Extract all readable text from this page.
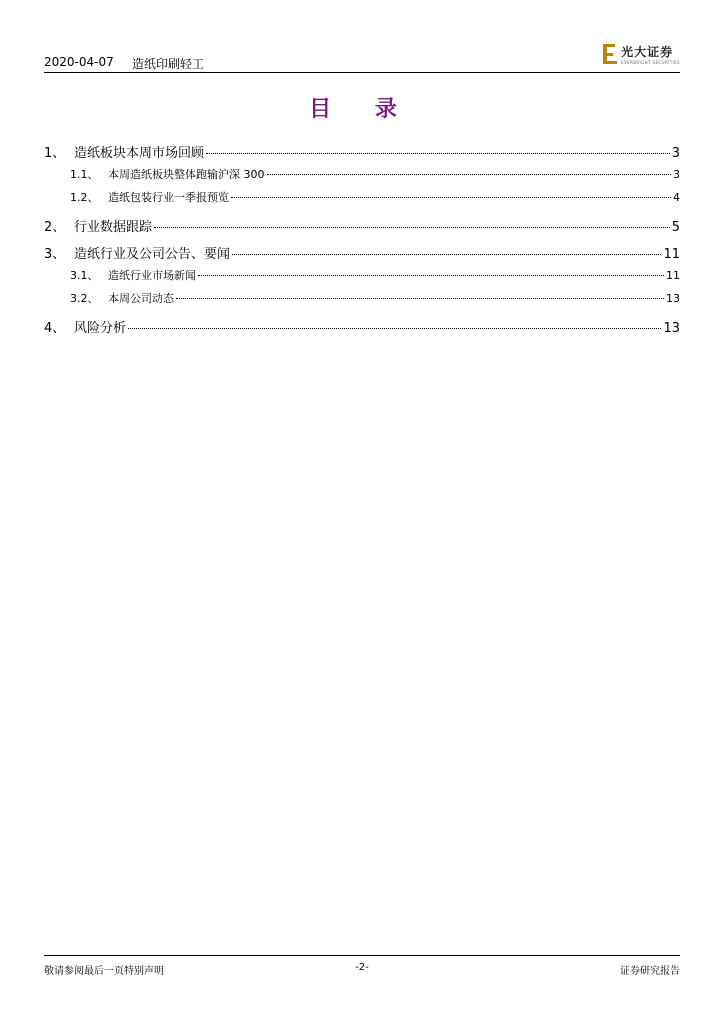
2020-04-07 造纸印刷轻工
光大证券
EVERBRIGHT SECURITIES
目 录
1、 造纸板块本周市场回顾	3
1.1、 本周造纸板块整体跑输沪深 300	3
1.2、 造纸包装行业一季报预览	4
2、 行业数据跟踪	5
3、 造纸行业及公司公告、要闻	11
3.1、 造纸行业市场新闻	11
3.2、 本周公司动态	13
4、 风险分析	13
敬请参阅最后一页特别声明	-2-	证券研究报告
